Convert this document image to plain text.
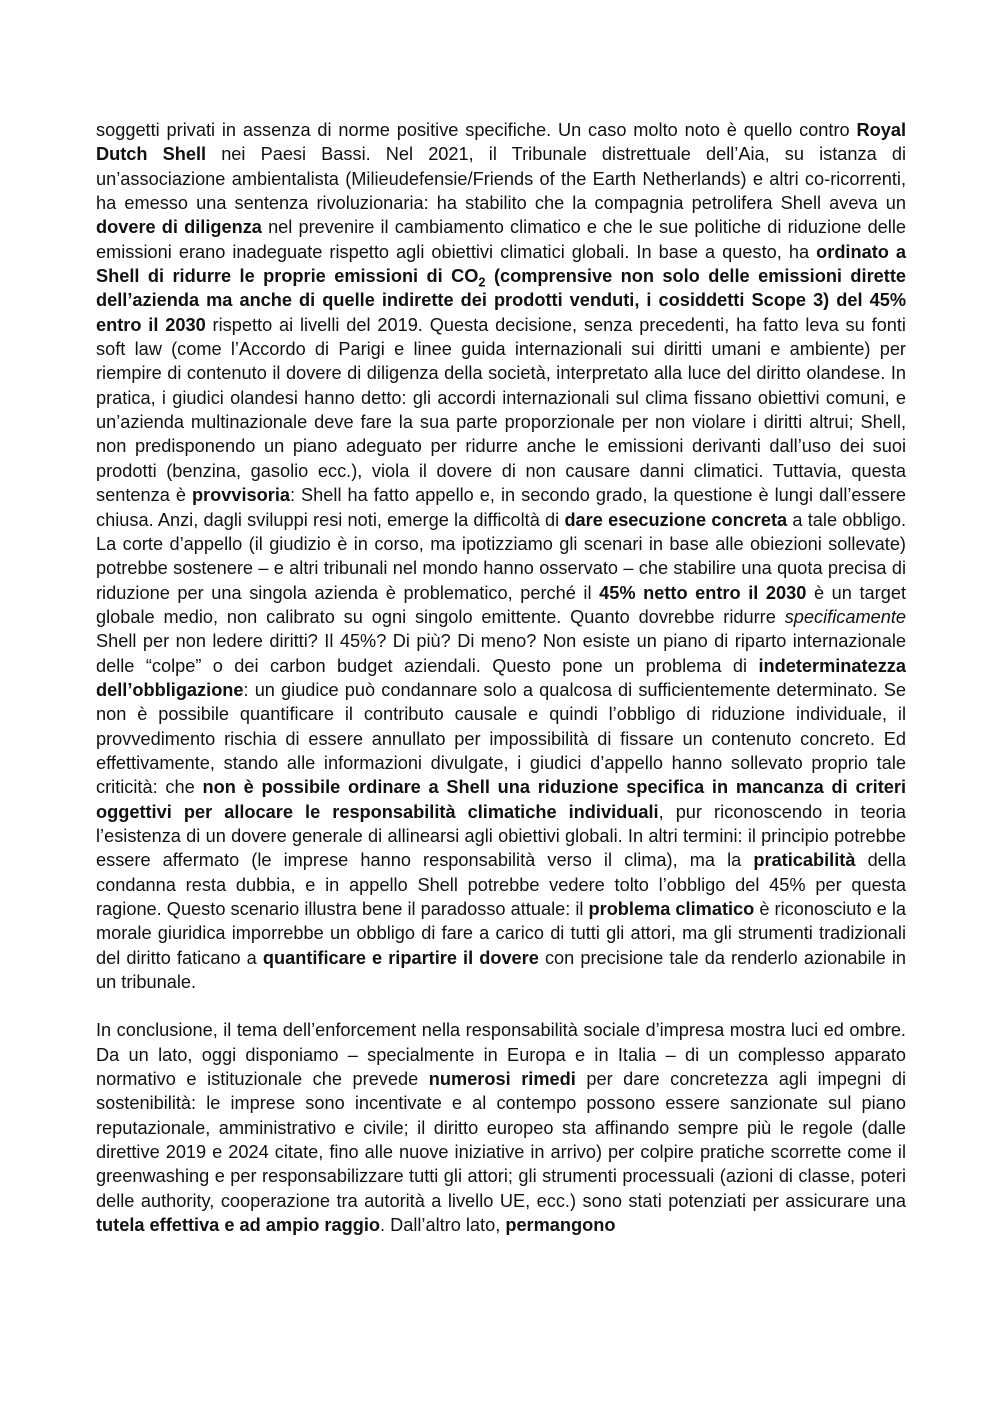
soggetti privati in assenza di norme positive specifiche. Un caso molto noto è quello contro Royal Dutch Shell nei Paesi Bassi. Nel 2021, il Tribunale distrettuale dell’Aia, su istanza di un’associazione ambientalista (Milieudefensie/Friends of the Earth Netherlands) e altri co-ricorrenti, ha emesso una sentenza rivoluzionaria: ha stabilito che la compagnia petrolifera Shell aveva un dovere di diligenza nel prevenire il cambiamento climatico e che le sue politiche di riduzione delle emissioni erano inadeguate rispetto agli obiettivi climatici globali. In base a questo, ha ordinato a Shell di ridurre le proprie emissioni di $CO_2$ (comprensive non solo delle emissioni dirette dell’azienda ma anche di quelle indirette dei prodotti venduti, i cosiddetti Scope 3) del 45% entro il 2030 rispetto ai livelli del 2019. Questa decisione, senza precedenti, ha fatto leva su fonti soft law (come l’Accordo di Parigi e linee guida internazionali sui diritti umani e ambiente) per riempire di contenuto il dovere di diligenza della società, interpretato alla luce del diritto olandese. In pratica, i giudici olandesi hanno detto: gli accordi internazionali sul clima fissano obiettivi comuni, e un’azienda multinazionale deve fare la sua parte proporzionale per non violare i diritti altrui; Shell, non predisponendo un piano adeguato per ridurre anche le emissioni derivanti dall’uso dei suoi prodotti (benzina, gasolio ecc.), viola il dovere di non causare danni climatici. Tuttavia, questa sentenza è provvisoria: Shell ha fatto appello e, in secondo grado, la questione è lungi dall’essere chiusa. Anzi, dagli sviluppi resi noti, emerge la difficoltà di dare esecuzione concreta a tale obbligo. La corte d’appello (il giudizio è in corso, ma ipotizziamo gli scenari in base alle obiezioni sollevate) potrebbe sostenere – e altri tribunali nel mondo hanno osservato – che stabilire una quota precisa di riduzione per una singola azienda è problematico, perché il 45% netto entro il 2030 è un target globale medio, non calibrato su ogni singolo emittente. Quanto dovrebbe ridurre specificamente Shell per non ledere diritti? Il 45%? Di più? Di meno? Non esiste un piano di riparto internazionale delle “colpe” o dei carbon budget aziendali. Questo pone un problema di indeterminatezza dell’obbligazione: un giudice può condannare solo a qualcosa di sufficientemente determinato. Se non è possibile quantificare il contributo causale e quindi l’obbligo di riduzione individuale, il provvedimento rischia di essere annullato per impossibilità di fissare un contenuto concreto. Ed effettivamente, stando alle informazioni divulgate, i giudici d’appello hanno sollevato proprio tale criticità: che non è possibile ordinare a Shell una riduzione specifica in mancanza di criteri oggettivi per allocare le responsabilità climatiche individuali, pur riconoscendo in teoria l’esistenza di un dovere generale di allinearsi agli obiettivi globali. In altri termini: il principio potrebbe essere affermato (le imprese hanno responsabilità verso il clima), ma la praticabilità della condanna resta dubbia, e in appello Shell potrebbe vedere tolto l’obbligo del 45% per questa ragione. Questo scenario illustra bene il paradosso attuale: il problema climatico è riconosciuto e la morale giuridica imporrebbe un obbligo di fare a carico di tutti gli attori, ma gli strumenti tradizionali del diritto faticano a quantificare e ripartire il dovere con precisione tale da renderlo azionabile in un tribunale.

In conclusione, il tema dell’enforcement nella responsabilità sociale d’impresa mostra luci ed ombre. Da un lato, oggi disponiamo – specialmente in Europa e in Italia – di un complesso apparato normativo e istituzionale che prevede numerosi rimedi per dare concretezza agli impegni di sostenibilità: le imprese sono incentivate e al contempo possono essere sanzionate sul piano reputazionale, amministrativo e civile; il diritto europeo sta affinando sempre più le regole (dalle direttive 2019 e 2024 citate, fino alle nuove iniziative in arrivo) per colpire pratiche scorrette come il greenwashing e per responsabilizzare tutti gli attori; gli strumenti processuali (azioni di classe, poteri delle authority, cooperazione tra autorità a livello UE, ecc.) sono stati potenziati per assicurare una tutela effettiva e ad ampio raggio. Dall’altro lato, permangono
